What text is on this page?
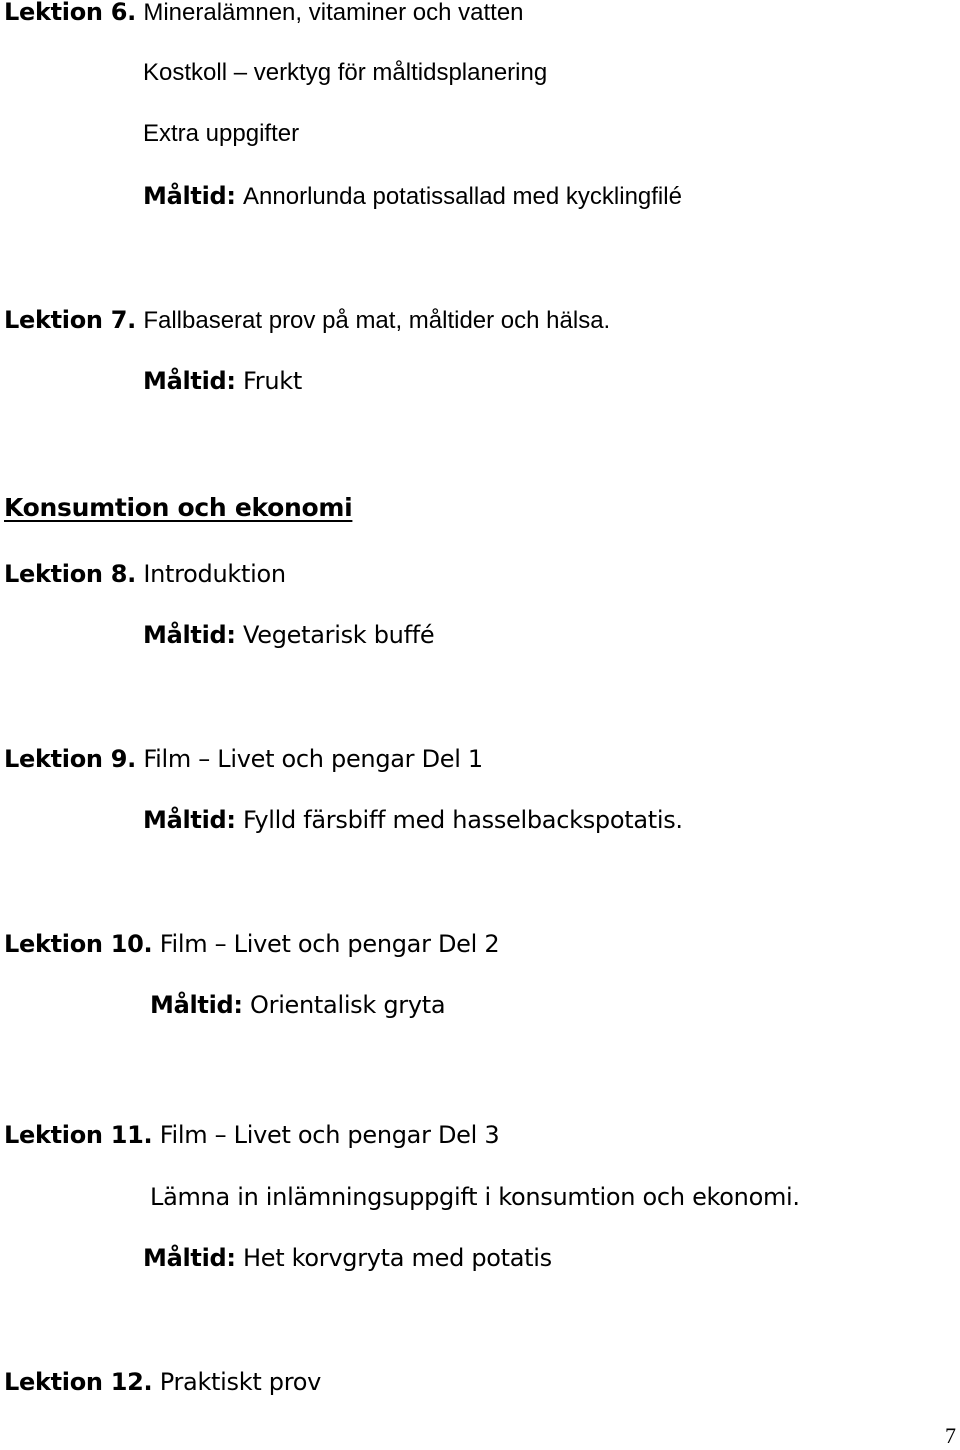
Lektion 6. Mineralämnen, vitaminer och vatten
Kostkoll – verktyg för måltidsplanering
Extra uppgifter
Måltid: Annorlunda potatissallad med kycklingfilé
Lektion 7. Fallbaserat prov på mat, måltider och hälsa.
Måltid: Frukt
Konsumtion och ekonomi
Lektion 8. Introduktion
Måltid: Vegetarisk buffé
Lektion 9. Film – Livet och pengar Del 1
Måltid: Fylld färsbiff med hasselbackspotatis.
Lektion 10. Film – Livet och pengar Del 2
Måltid: Orientalisk gryta
Lektion 11. Film – Livet och pengar Del 3
Lämna in inlämningsuppgift i konsumtion och ekonomi.
Måltid: Het korvgryta med potatis
Lektion 12. Praktiskt prov
7
